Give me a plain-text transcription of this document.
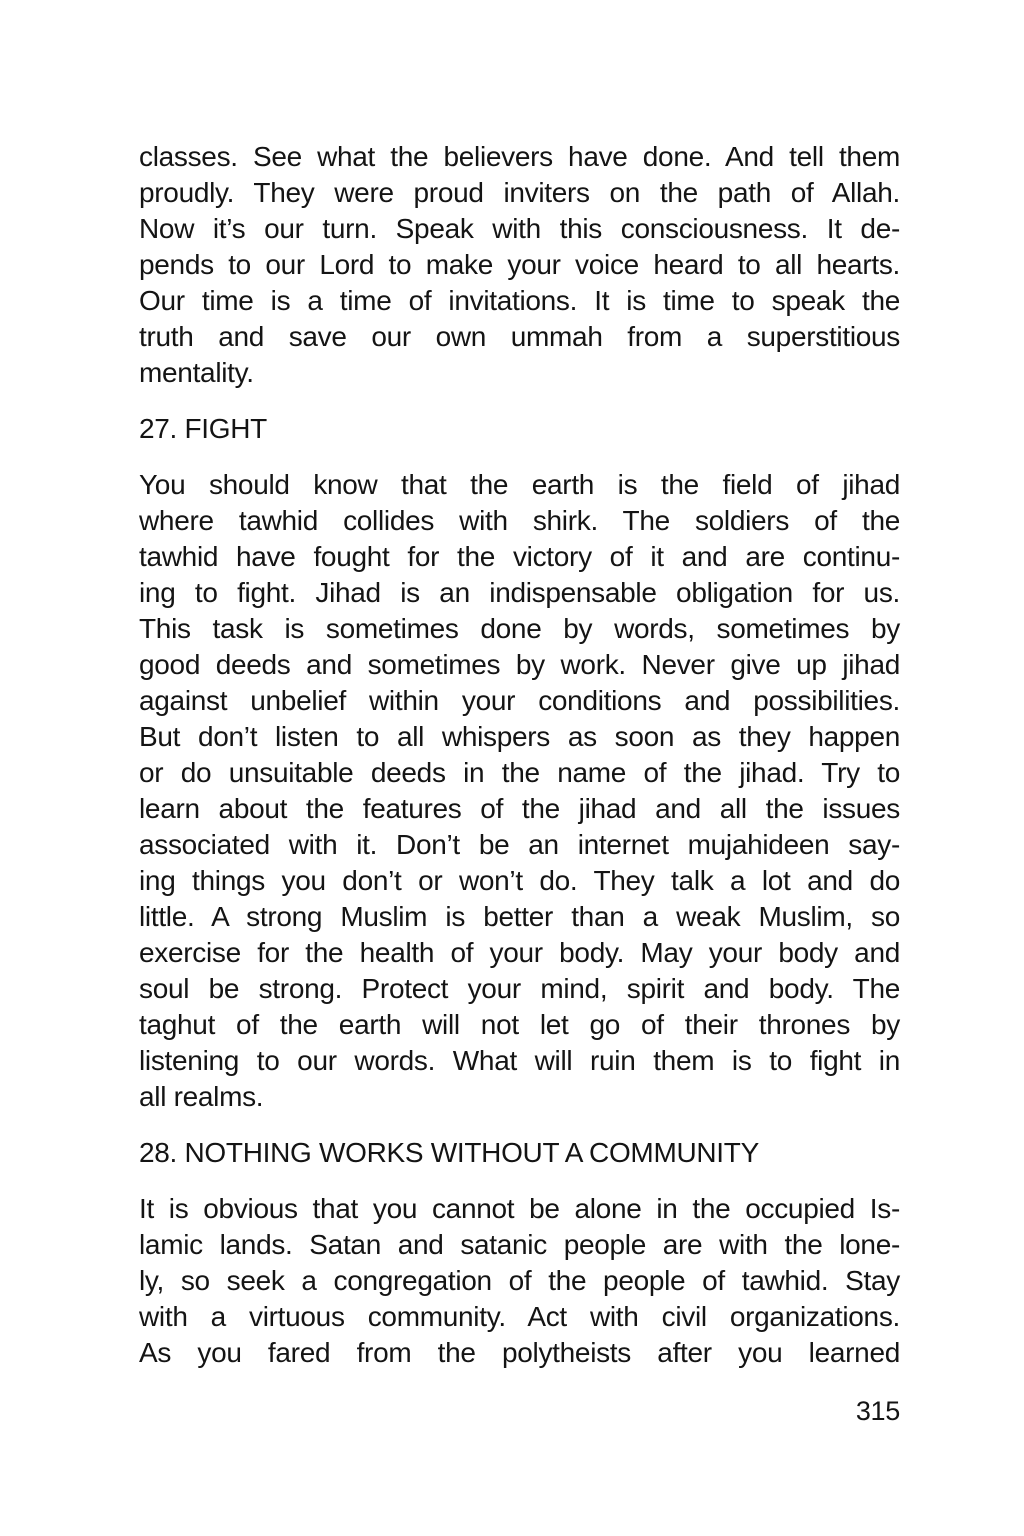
classes. See what the believers have done. And tell them
proudly. They were proud inviters on the path of Allah.
Now it’s our turn. Speak with this consciousness. It de-
pends to our Lord to make your voice heard to all hearts.
Our time is a time of invitations. It is time to speak the
truth and save our own ummah from a superstitious
mentality.
27. FIGHT
You should know that the earth is the field of jihad
where tawhid collides with shirk. The soldiers of the
tawhid have fought for the victory of it and are continu-
ing to fight. Jihad is an indispensable obligation for us.
This task is sometimes done by words, sometimes by
good deeds and sometimes by work. Never give up jihad
against unbelief within your conditions and possibilities.
But don’t listen to all whispers as soon as they happen
or do unsuitable deeds in the name of the jihad. Try to
learn about the features of the jihad and all the issues
associated with it. Don’t be an internet mujahideen say-
ing things you don’t or won’t do. They talk a lot and do
little. A strong Muslim is better than a weak Muslim, so
exercise for the health of your body. May your body and
soul be strong. Protect your mind, spirit and body. The
taghut of the earth will not let go of their thrones by
listening to our words. What will ruin them is to fight in
all realms.
28. NOTHING WORKS WITHOUT A COMMUNITY
It is obvious that you cannot be alone in the occupied Is-
lamic lands. Satan and satanic people are with the lone-
ly, so seek a congregation of the people of tawhid. Stay
with a virtuous community. Act with civil organizations.
As you fared from the polytheists after you learned
315
